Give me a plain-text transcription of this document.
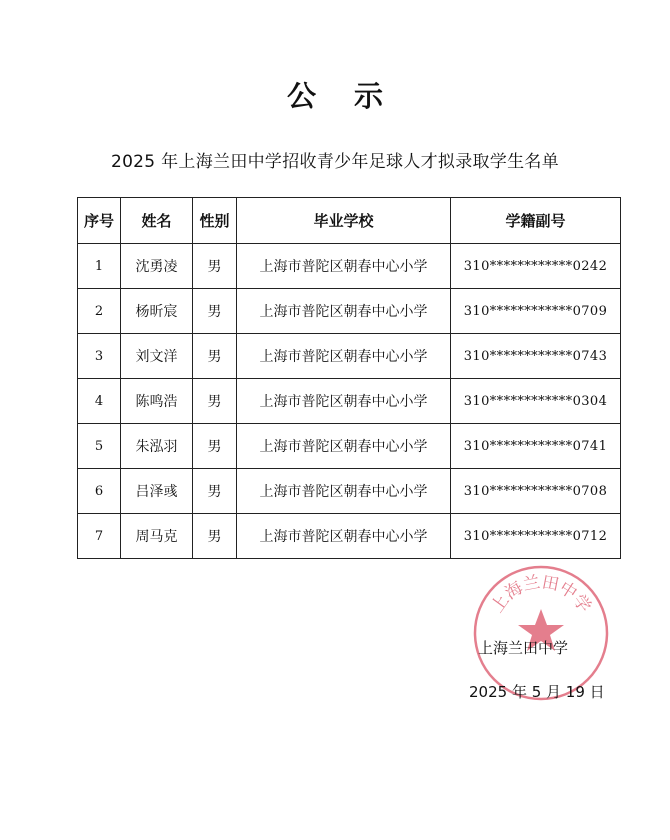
公 示
2025 年上海兰田中学招收青少年足球人才拟录取学生名单
序号	姓名	性别	毕业学校	学籍副号
1	沈勇凌	男	上海市普陀区朝春中心小学	310************0242
2	杨昕宸	男	上海市普陀区朝春中心小学	310************0709
3	刘文洋	男	上海市普陀区朝春中心小学	310************0743
4	陈鸣浩	男	上海市普陀区朝春中心小学	310************0304
5	朱泓羽	男	上海市普陀区朝春中心小学	310************0741
6	吕泽彧	男	上海市普陀区朝春中心小学	310************0708
7	周马克	男	上海市普陀区朝春中心小学	310************0712
上海兰田中学
上海兰田中学
2025 年 5 月 19 日
